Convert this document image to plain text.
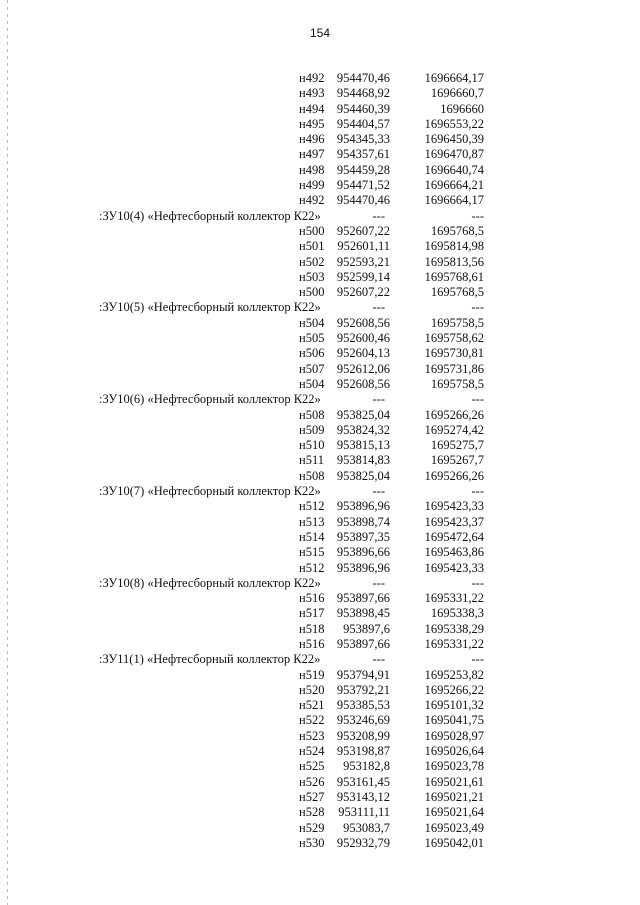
154
н492 954470,46	1696664,17
н493 954468,92	1696660,7
н494 954460,39	1696660
н495 954404,57	1696553,22
н496 954345,33	1696450,39
н497 954357,61	1696470,87
н498 954459,28	1696640,74
н499 954471,52	1696664,21
н492 954470,46	1696664,17
:ЗУ10(4) «Нефтесборный коллектор К22»	---	---
н500 952607,22	1695768,5
н501 952601,11	1695814,98
н502 952593,21	1695813,56
н503 952599,14	1695768,61
н500 952607,22	1695768,5
:ЗУ10(5) «Нефтесборный коллектор К22»	---	---
н504 952608,56	1695758,5
н505 952600,46	1695758,62
н506 952604,13	1695730,81
н507 952612,06	1695731,86
н504 952608,56	1695758,5
:ЗУ10(6) «Нефтесборный коллектор К22»	---	---
н508 953825,04	1695266,26
н509 953824,32	1695274,42
н510 953815,13	1695275,7
н511 953814,83	1695267,7
н508 953825,04	1695266,26
:ЗУ10(7) «Нефтесборный коллектор К22»	---	---
н512 953896,96	1695423,33
н513 953898,74	1695423,37
н514 953897,35	1695472,64
н515 953896,66	1695463,86
н512 953896,96	1695423,33
:ЗУ10(8) «Нефтесборный коллектор К22»	---	---
н516 953897,66	1695331,22
н517 953898,45	1695338,3
н518 953897,6	1695338,29
н516 953897,66	1695331,22
:ЗУ11(1) «Нефтесборный коллектор К22»	---	---
н519 953794,91	1695253,82
н520 953792,21	1695266,22
н521 953385,53	1695101,32
н522 953246,69	1695041,75
н523 953208,99	1695028,97
н524 953198,87	1695026,64
н525 953182,8	1695023,78
н526 953161,45	1695021,61
н527 953143,12	1695021,21
н528 953111,11	1695021,64
н529 953083,7	1695023,49
н530 952932,79	1695042,01
